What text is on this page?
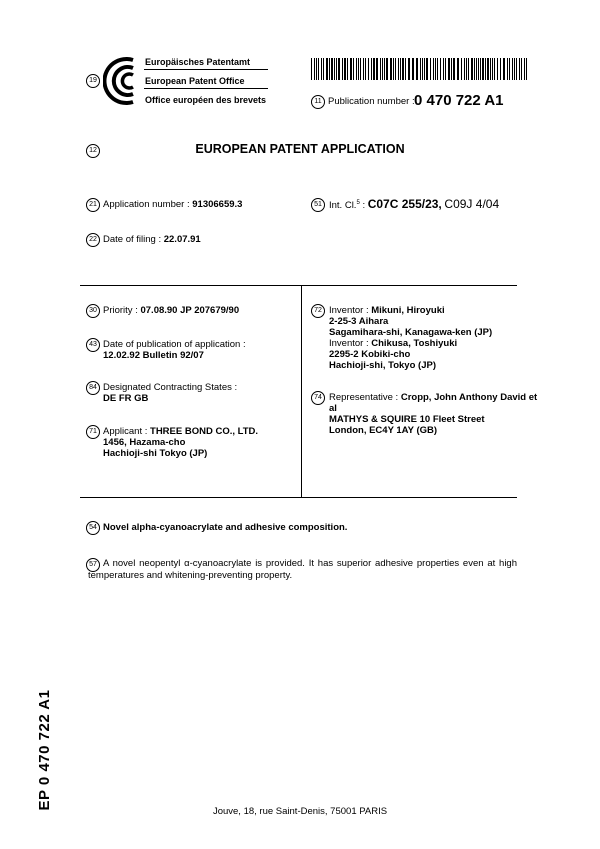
19
Europäisches Patentamt
European Patent Office
Office européen des brevets	11 Publication number : 0 470 722 A1
12	EUROPEAN PATENT APPLICATION
21 Application number : 91306659.3	51 Int. Cl.$^5$ : C07C 255/23, C09J 4/04
22 Date of filing : 22.07.91
30 Priority : 07.08.90 JP 207679/90
43 Date of publication of application :
12.02.92 Bulletin 92/07
84 Designated Contracting States :
DE FR GB
71 Applicant : THREE BOND CO., LTD.
1456, Hazama-cho
Hachioji-shi Tokyo (JP)
72 Inventor : Mikuni, Hiroyuki
2-25-3 Aihara
Sagamihara-shi, Kanagawa-ken (JP)
Inventor : Chikusa, Toshiyuki
2295-2 Kobiki-cho
Hachioji-shi, Tokyo (JP)
74 Representative : Cropp, John Anthony David et
al
MATHYS & SQUIRE 10 Fleet Street
London, EC4Y 1AY (GB)
54 Novel alpha-cyanoacrylate and adhesive composition.
57 A novel neopentyl α-cyanoacrylate is provided. It has superior adhesive properties even at high
temperatures and whitening-preventing property.
EP 0 470 722 A1
Jouve, 18, rue Saint-Denis, 75001 PARIS
